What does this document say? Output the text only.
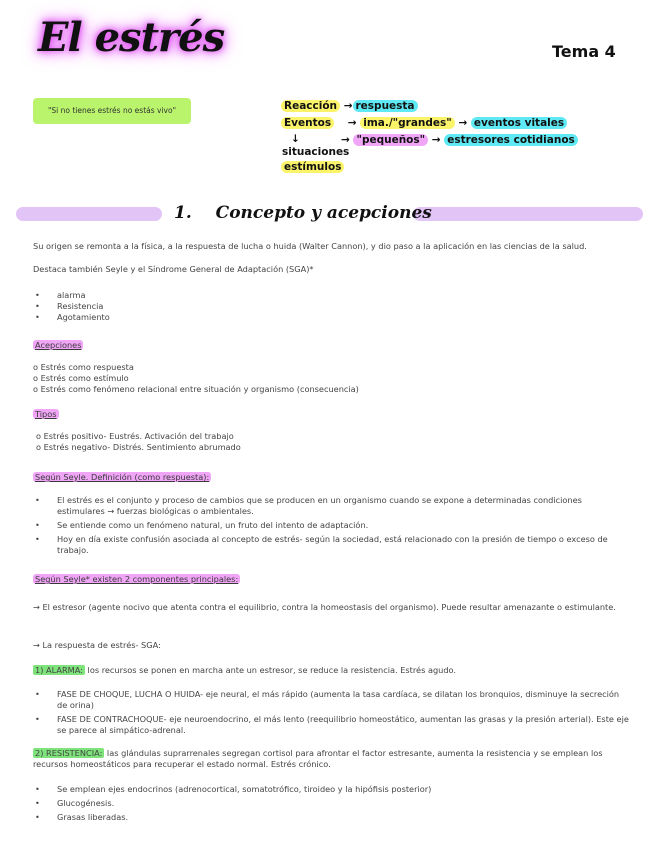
El estrés	Tema 4
"Si no tienes estrés no estás vivo"	Reacción → respuesta
Eventos → ima./"grandes" → eventos vitales
→ "pequeños" → estresores cotidianos
↓
situaciones
estímulos
1. Concepto y acepciones
Su origen se remonta a la física, a la respuesta de lucha o huida (Walter Cannon), y dio paso a la aplicación en las ciencias de la salud.
Destaca también Seyle y el Síndrome General de Adaptación (SGA)*
• alarma
• Resistencia
• Agotamiento
Acepciones
o Estrés como respuesta
o Estrés como estímulo
o Estrés como fenómeno relacional entre situación y organismo (consecuencia)
Tipos
o Estrés positivo- Eustrés. Activación del trabajo
o Estrés negativo- Distrés. Sentimiento abrumado
Según Seyle. Definición (como respuesta):
• El estrés es el conjunto y proceso de cambios que se producen en un organismo cuando se expone a determinadas condiciones estimulares → fuerzas biológicas o ambientales.
• Se entiende como un fenómeno natural, un fruto del intento de adaptación.
• Hoy en día existe confusión asociada al concepto de estrés- según la sociedad, está relacionado con la presión de tiempo o exceso de trabajo.
Según Seyle* existen 2 componentes principales:
→ El estresor (agente nocivo que atenta contra el equilibrio, contra la homeostasis del organismo). Puede resultar amenazante o estimulante.
→ La respuesta de estrés- SGA:
1) ALARMA: los recursos se ponen en marcha ante un estresor, se reduce la resistencia. Estrés agudo.
• FASE DE CHOQUE, LUCHA O HUIDA- eje neural, el más rápido (aumenta la tasa cardíaca, se dilatan los bronquios, disminuye la secreción de orina)
• FASE DE CONTRACHOQUE- eje neuroendocrino, el más lento (reequilibrio homeostático, aumentan las grasas y la presión arterial). Este eje se parece al simpático-adrenal.
2) RESISTENCIA: las glándulas suprarrenales segregan cortisol para afrontar el factor estresante, aumenta la resistencia y se emplean los recursos homeostáticos para recuperar el estado normal. Estrés crónico.
• Se emplean ejes endocrinos (adrenocortical, somatotrófico, tiroideo y la hipófisis posterior)
• Glucogénesis.
• Grasas liberadas.
